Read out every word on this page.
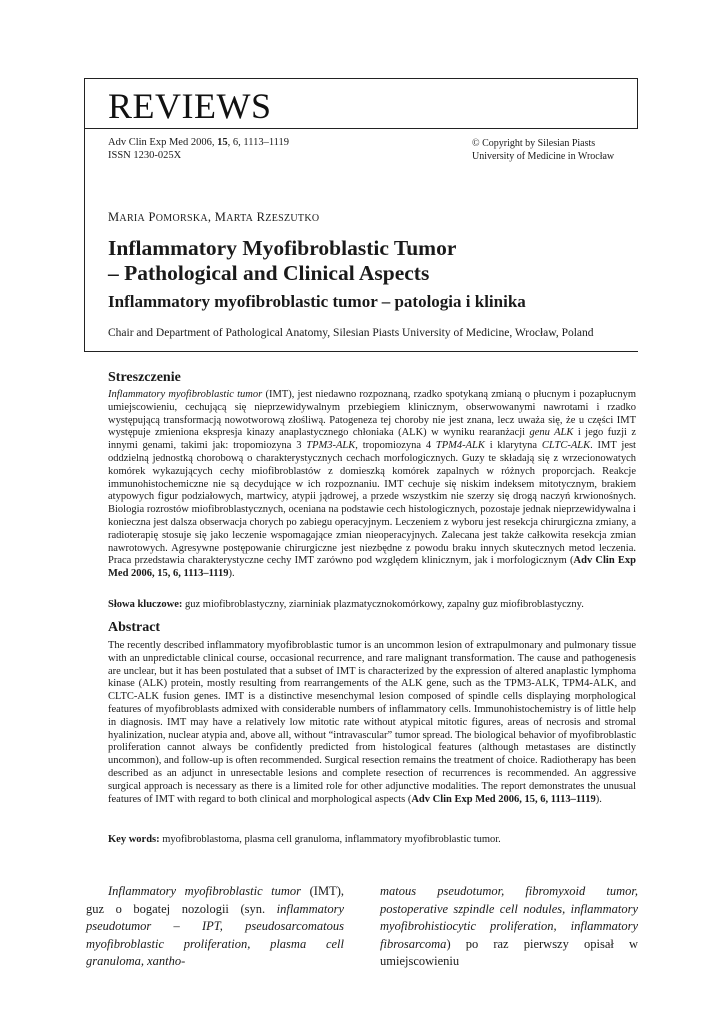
REVIEWS
Adv Clin Exp Med 2006, 15, 6, 1113–1119
ISSN 1230-025X
© Copyright by Silesian Piasts
University of Medicine in Wrocław
MARIA POMORSKA, MARTA RZESZUTKO
Inflammatory Myofibroblastic Tumor
– Pathological and Clinical Aspects
Inflammatory myofibroblastic tumor – patologia i klinika
Chair and Department of Pathological Anatomy, Silesian Piasts University of Medicine, Wrocław, Poland
Streszczenie
Inflammatory myofibroblastic tumor (IMT), jest niedawno rozpoznaną, rzadko spotykaną zmianą o płucnym i pozapłucnym umiejscowieniu, cechującą się nieprzewidywalnym przebiegiem klinicznym, obserwowanymi nawrotami i rzadko występującą transformacją nowotworową złośliwą. Patogeneza tej choroby nie jest znana, lecz uważa się, że u części IMT występuje zmieniona ekspresja kinazy anaplastycznego chłoniaka (ALK) w wyniku rearanżacji genu ALK i jego fuzji z innymi genami, takimi jak: tropomiozyna 3 TPM3-ALK, tropomiozyna 4 TPM4-ALK i klarytyna CLTC-ALK. IMT jest oddzielną jednostką chorobową o charakterystycznych cechach morfologicznych. Guzy te składają się z wrzecionowatych komórek wykazujących cechy miofibroblastów z domieszką komórek zapalnych w różnych proporcjach. Reakcje immunohistochemiczne nie są decydujące w ich rozpoznaniu. IMT cechuje się niskim indeksem mitotycznym, brakiem atypowych figur podziałowych, martwicy, atypii jądrowej, a przede wszystkim nie szerzy się drogą naczyń krwionośnych. Biologia rozrostów miofibroblastycznych, oceniana na podstawie cech histologicznych, pozostaje jednak nieprzewidywalna i konieczna jest dalsza obserwacja chorych po zabiegu operacyjnym. Leczeniem z wyboru jest resekcja chirurgiczna zmiany, a radioterapię stosuje się jako leczenie wspomagające zmian nieoperacyjnych. Zalecana jest także całkowita resekcja zmian nawrotowych. Agresywne postępowanie chirurgiczne jest niezbędne z powodu braku innych skutecznych metod leczenia. Praca przedstawia charakterystyczne cechy IMT zarówno pod względem klinicznym, jak i morfologicznym (Adv Clin Exp Med 2006, 15, 6, 1113–1119).
Słowa kluczowe: guz miofibroblastyczny, ziarniniak plazmatycznokomórkowy, zapalny guz miofibroblastyczny.
Abstract
The recently described inflammatory myofibroblastic tumor is an uncommon lesion of extrapulmonary and pulmonary tissue with an unpredictable clinical course, occasional recurrence, and rare malignant transformation. The cause and pathogenesis are unclear, but it has been postulated that a subset of IMT is characterized by the expression of altered anaplastic lymphoma kinase (ALK) protein, mostly resulting from rearrangements of the ALK gene, such as the TPM3-ALK, TPM4-ALK, and CLTC-ALK fusion genes. IMT is a distinctive mesenchymal lesion composed of spindle cells displaying morphological features of myofibroblasts admixed with considerable numbers of inflammatory cells. Immunohistochemistry is of little help in diagnosis. IMT may have a relatively low mitotic rate without atypical mitotic figures, areas of necrosis and stromal hyalinization, nuclear atypia and, above all, without “intravascular” tumor spread. The biological behavior of myofibroblastic proliferation cannot always be confidently predicted from histological features (although metastases are distinctly uncommon), and follow-up is often recommended. Surgical resection remains the treatment of choice. Radiotherapy has been described as an adjunct in unresectable lesions and complete resection of recurrences is recommended. An aggressive surgical approach is necessary as there is a limited role for other adjunctive modalities. The report demonstrates the unusual features of IMT with regard to both clinical and morphological aspects (Adv Clin Exp Med 2006, 15, 6, 1113–1119).
Key words: myofibroblastoma, plasma cell granuloma, inflammatory myofibroblastic tumor.
Inflammatory myofibroblastic tumor (IMT), guz o bogatej nozologii (syn. inflammatory pseudotumor – IPT, pseudosarcomatous myofibroblastic proliferation, plasma cell granuloma, xantho-
matous pseudotumor, fibromyxoid tumor, postoperative szpindle cell nodules, inflammatory myofibrohistiocytic proliferation, inflammatory fibrosarcoma) po raz pierwszy opisał w umiejscowieniu
